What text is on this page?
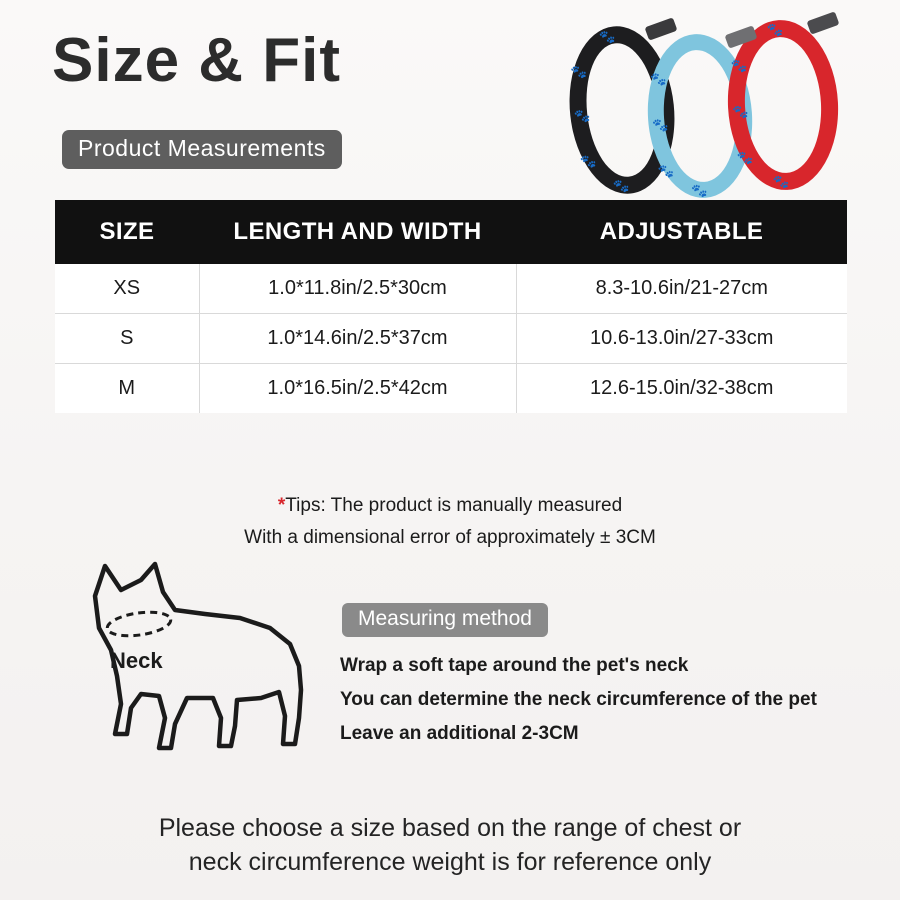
Size & Fit
Product Measurements
🐾
🐾
🐾
🐾
🐾
🐾
🐾
🐾
🐾
🐾
🐾
🐾
🐾
🐾
SIZE	LENGTH AND WIDTH	ADJUSTABLE
XS	1.0*11.8in/2.5*30cm	8.3-10.6in/21-27cm
S	1.0*14.6in/2.5*37cm	10.6-13.0in/27-33cm
M	1.0*16.5in/2.5*42cm	12.6-15.0in/32-38cm
*Tips: The product is manually measured
With a dimensional error of approximately ± 3CM
Neck
Measuring method
Wrap a soft tape around the pet's neck
You can determine the neck circumference of the pet
Leave an additional 2-3CM
Please choose a size based on the range of chest or
neck circumference weight is for reference only
